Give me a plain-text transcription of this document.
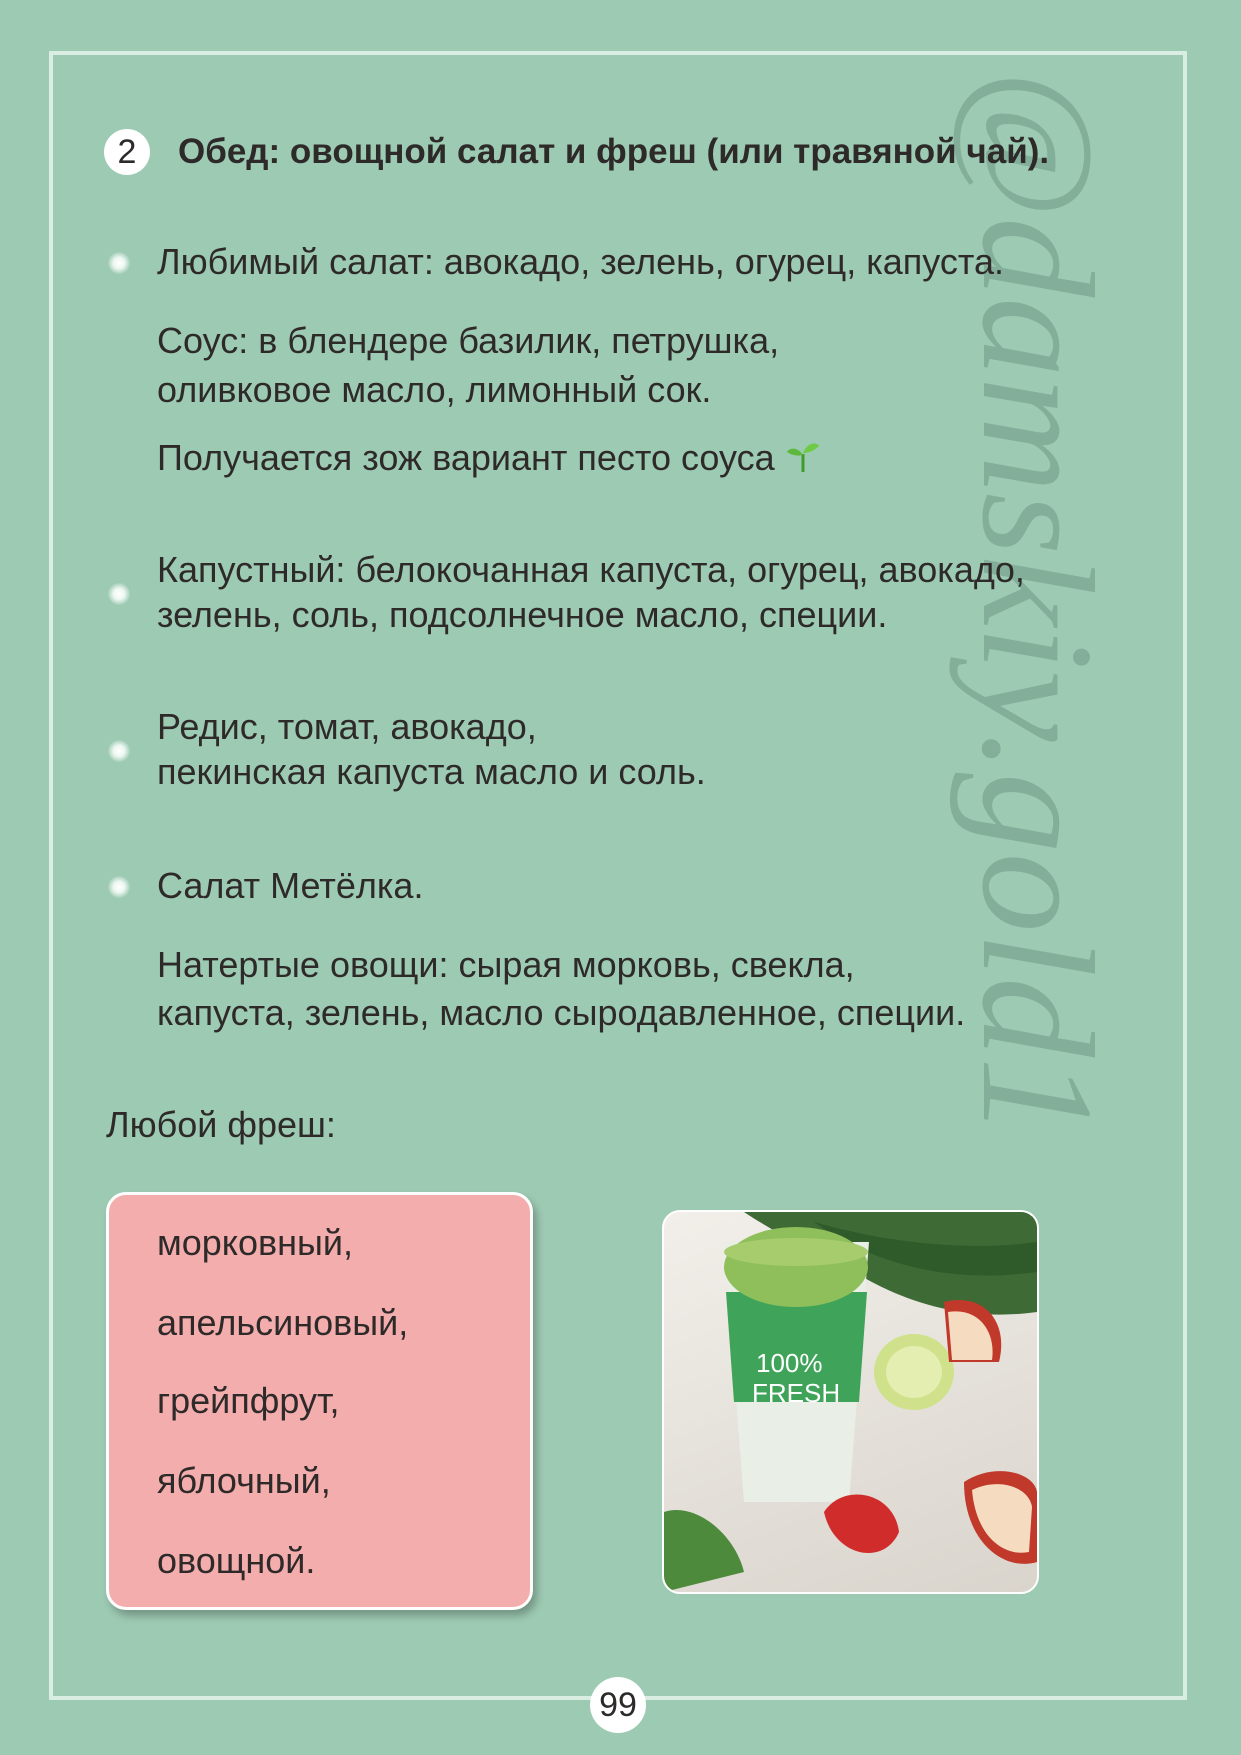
@damskiy.gold1
2	Обед: овощной салат и фреш (или травяной чай).
Любимый салат: авокадо, зелень, огурец, капуста.
Соус: в блендере базилик, петрушка,
оливковое масло, лимонный сок.
Получается зож вариант песто соуса
Капустный: белокочанная капуста, огурец, авокадо,
зелень, соль, подсолнечное масло, специи.
Редис, томат, авокадо,
пекинская капуста масло и соль.
Салат Метёлка.
Натертые овощи: сырая морковь, свекла,
капуста, зелень, масло сыродавленное, специи.
Любой фреш:
морковный,
апельсиновый,
грейпфрут,
яблочный,
овощной.
100%
FRESH
99
